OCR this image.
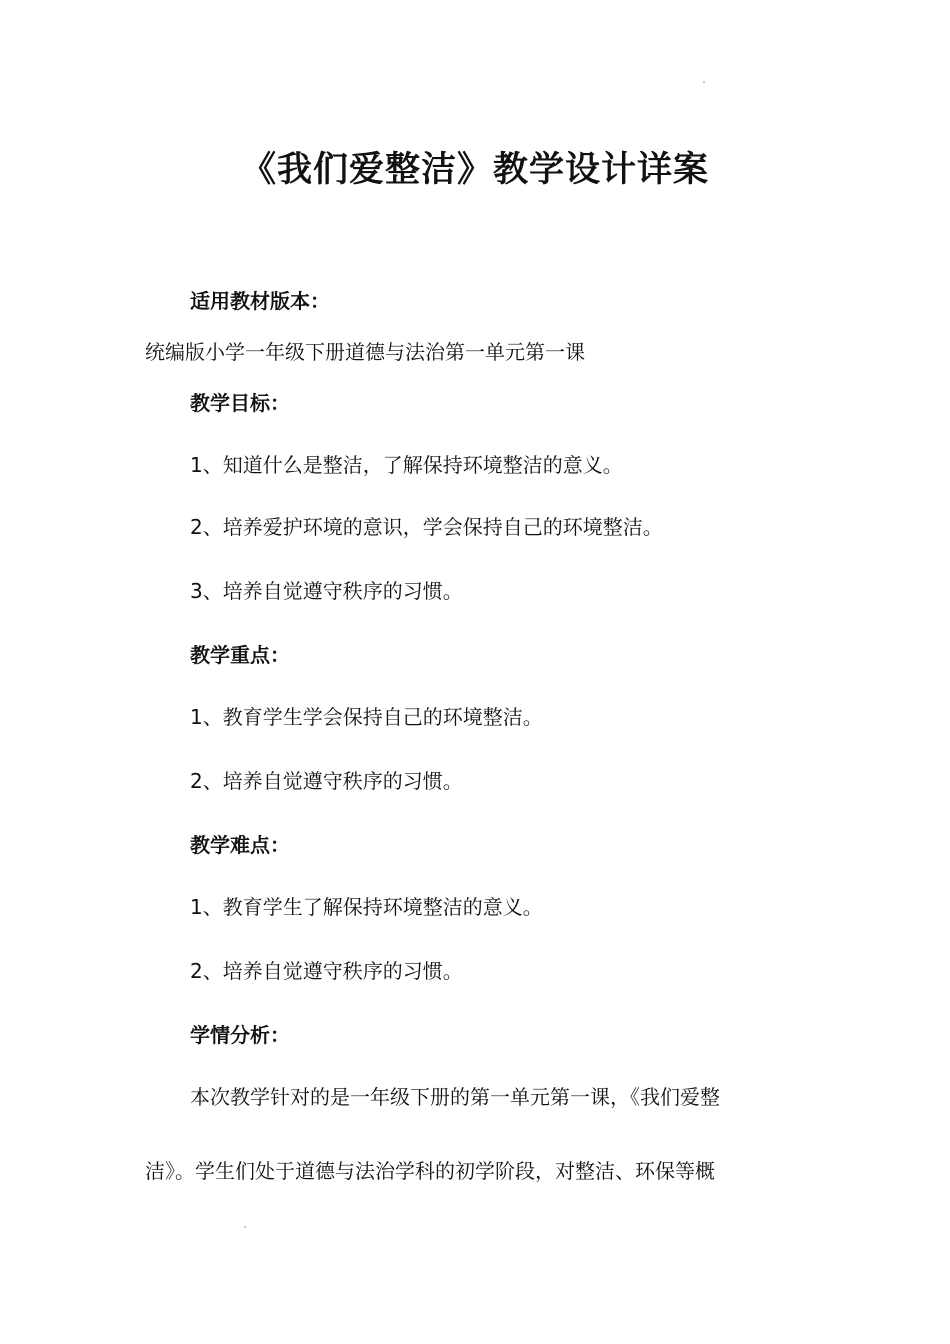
《我们爱整洁》教学设计详案

适用教材版本：

统编版小学一年级下册道德与法治第一单元第一课

教学目标：

1、知道什么是整洁，了解保持环境整洁的意义。

2、培养爱护环境的意识，学会保持自己的环境整洁。

3、培养自觉遵守秩序的习惯。

教学重点：

1、教育学生学会保持自己的环境整洁。

2、培养自觉遵守秩序的习惯。

教学难点：

1、教育学生了解保持环境整洁的意义。

2、培养自觉遵守秩序的习惯。

学情分析：

本次教学针对的是一年级下册的第一单元第一课，《我们爱整

洁》。学生们处于道德与法治学科的初学阶段，对整洁、环保等概
